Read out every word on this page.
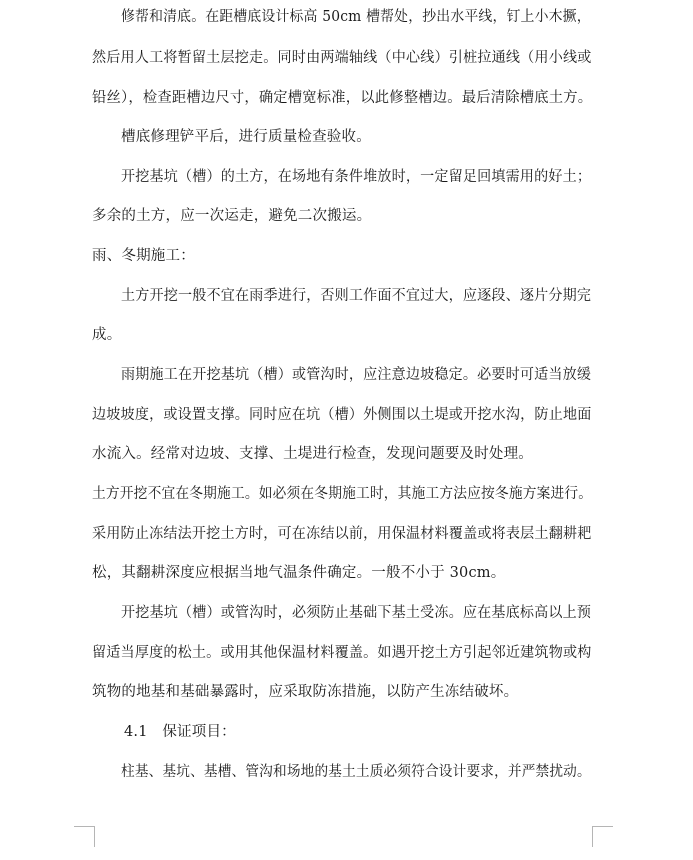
修帮和清底。在距槽底设计标高 50cm 槽帮处，抄出水平线，钉上小木撅，
然后用人工将暂留土层挖走。同时由两端轴线（中心线）引桩拉通线（用小线或
铅丝），检查距槽边尺寸，确定槽宽标准，以此修整槽边。最后清除槽底土方。
槽底修理铲平后，进行质量检查验收。
开挖基坑（槽）的土方，在场地有条件堆放时，一定留足回填需用的好土；
多余的土方，应一次运走，避免二次搬运。
雨、冬期施工：
土方开挖一般不宜在雨季进行，否则工作面不宜过大，应逐段、逐片分期完
成。
雨期施工在开挖基坑（槽）或管沟时，应注意边坡稳定。必要时可适当放缓
边坡坡度，或设置支撑。同时应在坑（槽）外侧围以土堤或开挖水沟，防止地面
水流入。经常对边坡、支撑、土堤进行检查，发现问题要及时处理。
土方开挖不宜在冬期施工。如必须在冬期施工时，其施工方法应按冬施方案进行。
采用防止冻结法开挖土方时，可在冻结以前，用保温材料覆盖或将表层土翻耕耙
松，其翻耕深度应根据当地气温条件确定。一般不小于 30cm。
开挖基坑（槽）或管沟时，必须防止基础下基土受冻。应在基底标高以上预
留适当厚度的松土。或用其他保温材料覆盖。如遇开挖土方引起邻近建筑物或构
筑物的地基和基础暴露时，应采取防冻措施，以防产生冻结破坏。
4.1　保证项目：
柱基、基坑、基槽、管沟和场地的基土土质必须符合设计要求，并严禁扰动。
